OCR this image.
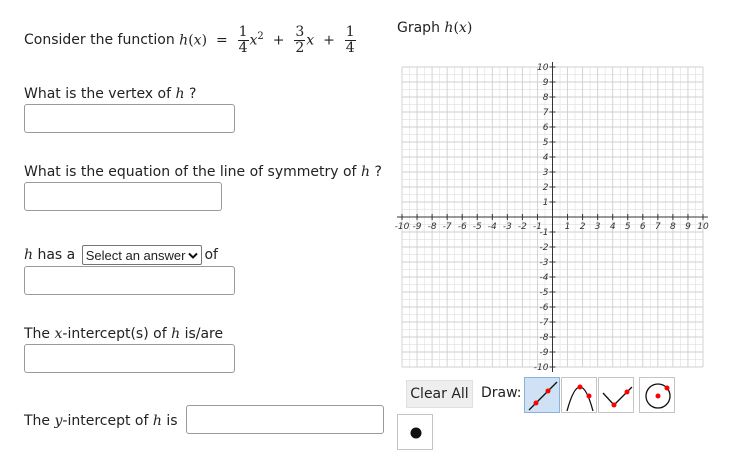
Consider the function
$h(x) = \frac{1}{4} x^2 + \frac{3}{2}$ $x + \frac{1}{4}$
What is the vertex of h ?
What is the equation of the line of symmetry of h ?
h
has a
Select an answer of
The x-intercept(s) of h is/are
The
y -intercept of
h
is
Graph h(x)
-10 -9 -8 -7 -6 -5 -4 -3 -2 -1	1 2 3 4 5 6 7 8 9 10
10
9
8
7
6
5
4
3
2
1
-1
-2
-3
-4
-5
-6
-7
-8
-9
-10
Clear All Draw:
